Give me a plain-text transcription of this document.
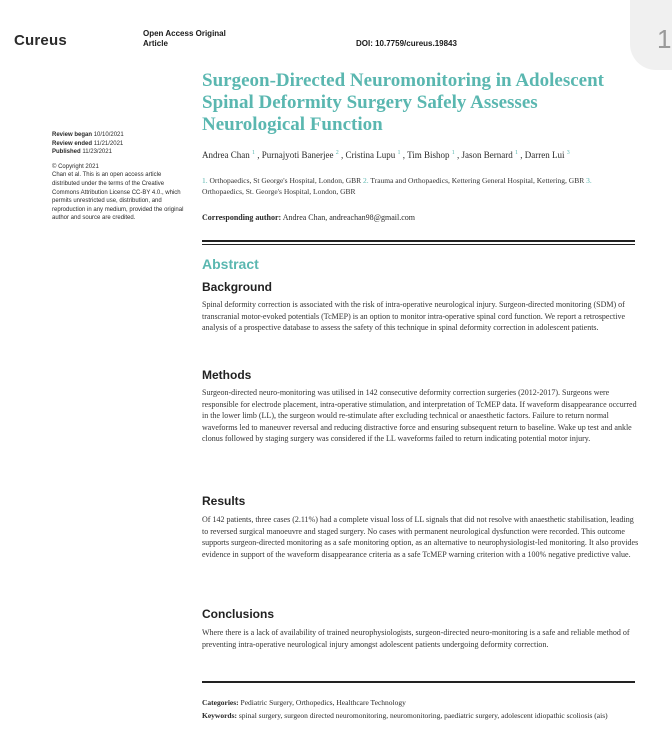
1
Cureus	Open Access Original
Article	DOI: 10.7759/cureus.19843
Surgeon-Directed Neuromonitoring in Adolescent Spinal Deformity Surgery Safely Assesses Neurological Function
Review began 10/10/2021
Review ended 11/21/2021
Published 11/23/2021
© Copyright 2021
Chan et al. This is an open access article distributed under the terms of the Creative Commons Attribution License CC-BY 4.0., which permits unrestricted use, distribution, and reproduction in any medium, provided the original author and source are credited.
Andrea Chan $^1$ , Purnajyoti Banerjee $^2$ , Cristina Lupu $^1$ , Tim Bishop $^1$ , Jason Bernard $^1$ , Darren Lui $^3$
1. Orthopaedics, St George's Hospital, London, GBR 2. Trauma and Orthopaedics, Kettering General Hospital, Kettering, GBR 3. Orthopaedics, St. George's Hospital, London, GBR
Corresponding author: Andrea Chan, andreachan98@gmail.com
Abstract
Background

Spinal deformity correction is associated with the risk of intra-operative neurological injury. Surgeon-directed monitoring (SDM) of transcranial motor-evoked potentials (TcMEP) is an option to monitor intra-operative spinal cord function. We report a retrospective analysis of a prospective database to assess the safety of this technique in spinal deformity correction in adolescent patients.

Methods

Surgeon-directed neuro-monitoring was utilised in 142 consecutive deformity correction surgeries (2012-2017). Surgeons were responsible for electrode placement, intra-operative stimulation, and interpretation of TcMEP data. If waveform disappearance occurred in the lower limb (LL), the surgeon would re-stimulate after excluding technical or anaesthetic factors. Failure to return normal waveforms led to maneuver reversal and reducing distractive force and ensuring subsequent return to baseline. Wake up test and ankle clonus followed by staging surgery was considered if the LL waveforms failed to return indicating potential motor injury.

Results

Of 142 patients, three cases (2.11%) had a complete visual loss of LL signals that did not resolve with anaesthetic stabilisation, leading to reversed surgical manoeuvre and staged surgery. No cases with permanent neurological dysfunction were recorded. This outcome supports surgeon-directed monitoring as a safe monitoring option, as an alternative to neurophysiologist-led monitoring. It also provides evidence in support of the waveform disappearance criteria as a safe TcMEP warning criterion with a 100% negative predictive value.

Conclusions

Where there is a lack of availability of trained neurophysiologists, surgeon-directed neuro-monitoring is a safe and reliable method of preventing intra-operative neurological injury amongst adolescent patients undergoing deformity correction.

Categories: Pediatric Surgery, Orthopedics, Healthcare Technology
Keywords: spinal surgery, surgeon directed neuromonitoring, neuromonitoring, paediatric surgery, adolescent idiopathic scoliosis (ais)
